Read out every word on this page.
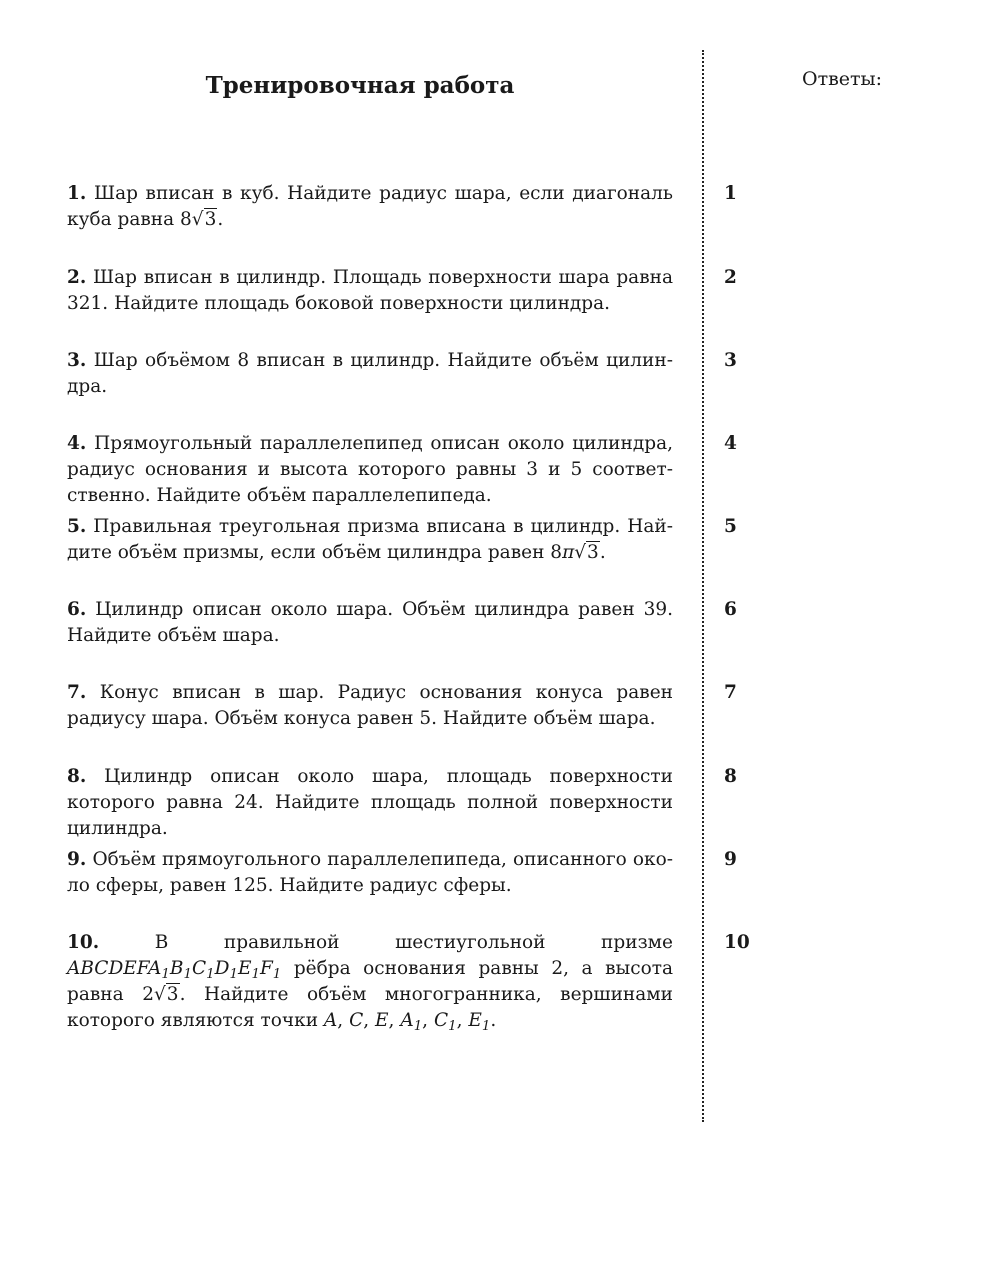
Тренировочная работа	Ответы:
1. Шар вписан в куб. Найдите радиус шара, если диагональ куба равна 8√3.
1
2. Шар вписан в цилиндр. Площадь поверхности шара равна 321. Найдите площадь боковой поверхности цилиндра.
2
3. Шар объёмом 8 вписан в цилиндр. Найдите объём цилиндра.
3
4. Прямоугольный параллелепипед описан около цилиндра, радиус основания и высота которого равны 3 и 5 соответственно. Найдите объём параллелепипеда.
4
5. Правильная треугольная призма вписана в цилиндр. Найдите объём призмы, если объём цилиндра равен 8π√3.
5
6. Цилиндр описан около шара. Объём цилиндра равен 39. Найдите объём шара.
6
7. Конус вписан в шар. Радиус основания конуса равен радиусу шара. Объём конуса равен 5. Найдите объём шара.
7
8. Цилиндр описан около шара, площадь поверхности которого равна 24. Найдите площадь полной поверхности цилиндра.
8
9. Объём прямоугольного параллелепипеда, описанного около сферы, равен 125. Найдите радиус сферы.
9
10.	В правильной шестиугольной призме $ABCDEFA_1B_1C_1D_1E_1F_1$ рёбра основания равны 2, а высота равна 2√3. Найдите объём многогранника, вершинами которого являются точки A, C, E, $A_1$, $C_1$, $E_1$.
10
